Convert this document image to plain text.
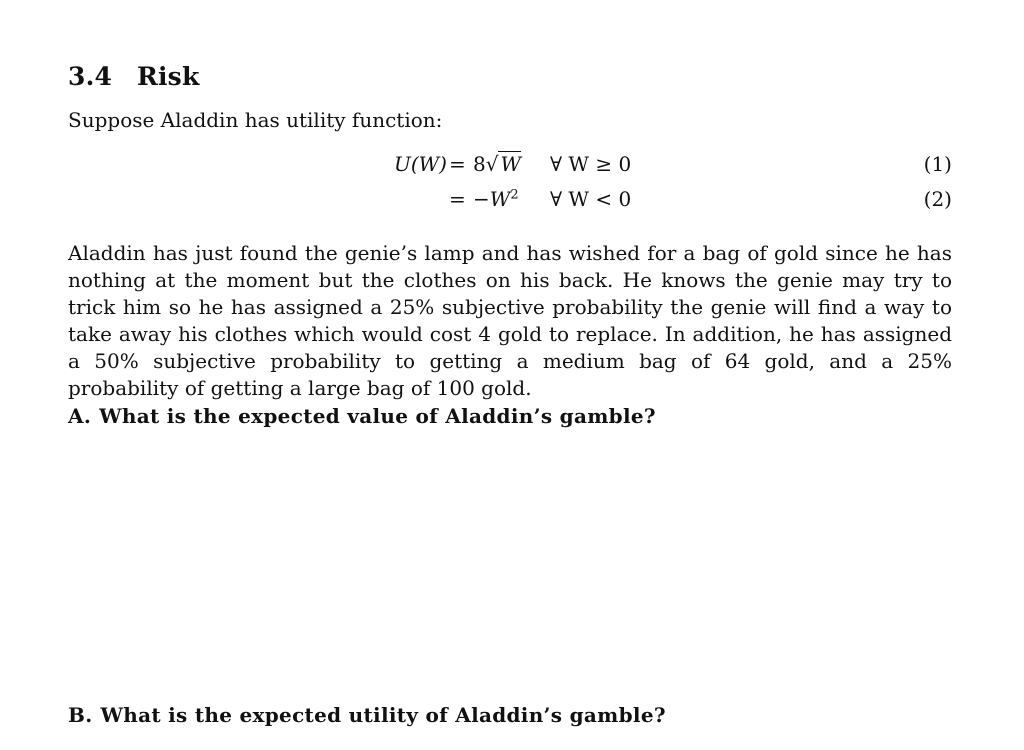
3.4 Risk
Suppose Aladdin has utility function:
U(W) = 8√ W ∀ W ≥ 0	(1)
= $-W^2$ ∀ W < 0	(2)
Aladdin has just found the genie’s lamp and has wished for a bag of gold since he has nothing at the moment but the clothes on his back. He knows the genie may try to trick him so he has assigned a 25% subjective probability the genie will find a way to take away his clothes which would cost 4 gold to replace. In addition, he has assigned a 50% subjective probability to getting a medium bag of 64 gold, and a 25% probability of getting a large bag of 100 gold.
A. What is the expected value of Aladdin’s gamble?
B. What is the expected utility of Aladdin’s gamble?
